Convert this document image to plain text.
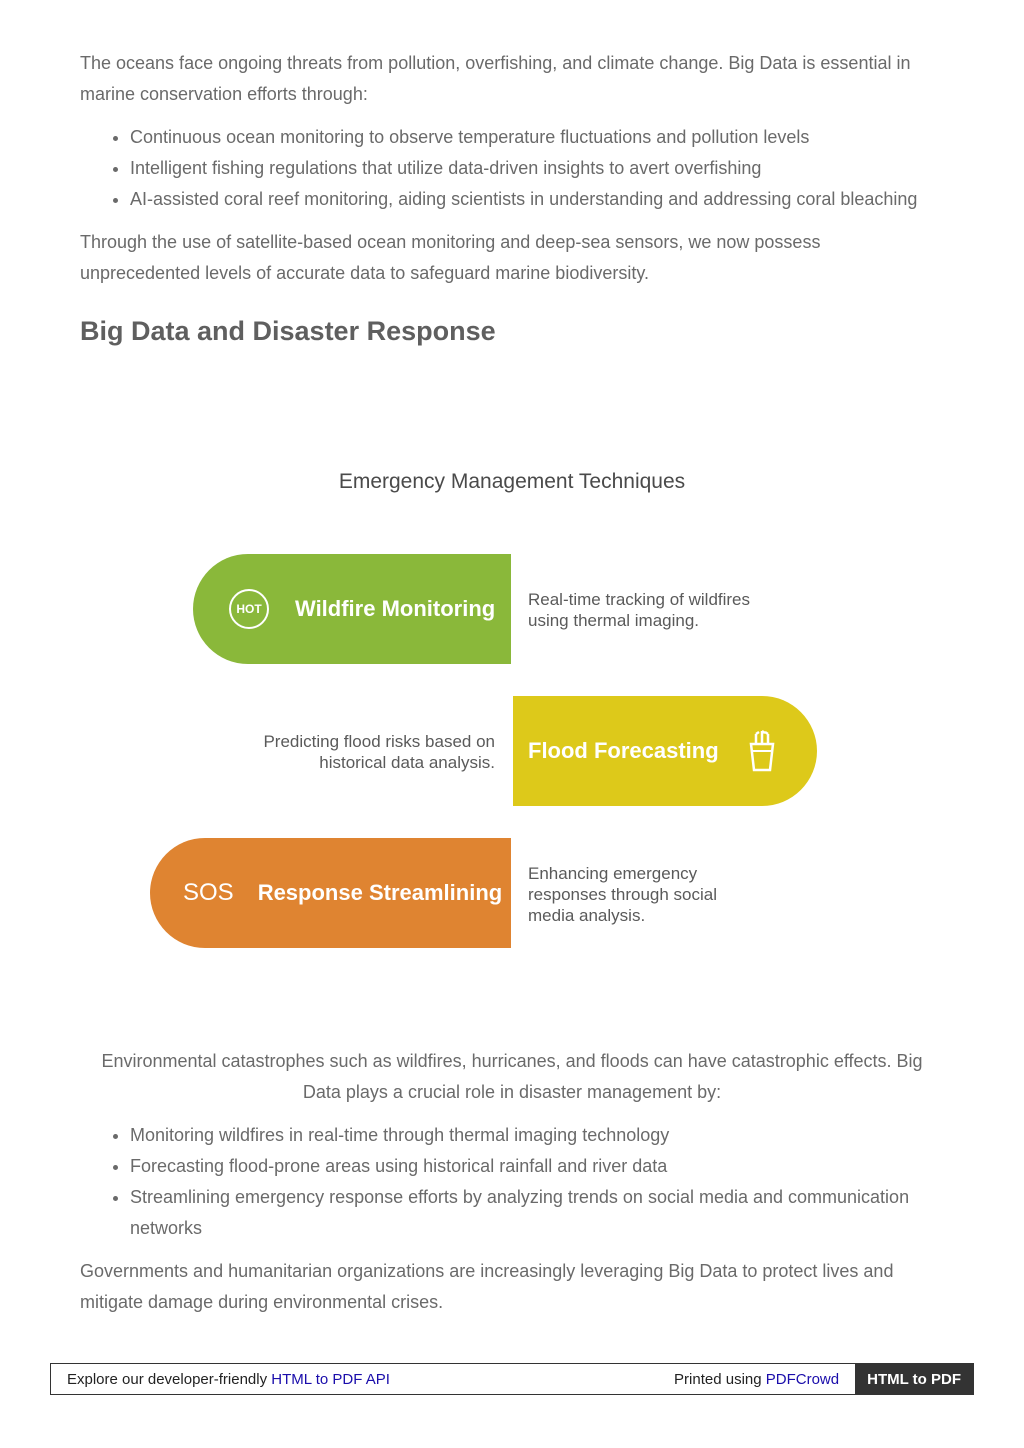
The oceans face ongoing threats from pollution, overfishing, and climate change. Big Data is essential in marine conservation efforts through:

• Continuous ocean monitoring to observe temperature fluctuations and pollution levels
• Intelligent fishing regulations that utilize data-driven insights to avert overfishing
• AI-assisted coral reef monitoring, aiding scientists in understanding and addressing coral bleaching

Through the use of satellite-based ocean monitoring and deep-sea sensors, we now possess unprecedented levels of accurate data to safeguard marine biodiversity.

Big Data and Disaster Response
Emergency Management Techniques
HOT	Wildfire Monitoring Real-time tracking of wildfires
using thermal imaging.
Predicting flood risks based on
historical data analysis. Flood Forecasting
SOS Response Streamlining
Enhancing emergency
responses through social
media analysis.

Environmental catastrophes such as wildfires, hurricanes, and floods can have catastrophic effects. Big Data plays a crucial role in disaster management by:

• Monitoring wildfires in real-time through thermal imaging technology
• Forecasting flood-prone areas using historical rainfall and river data
• Streamlining emergency response efforts by analyzing trends on social media and communication networks

Governments and humanitarian organizations are increasingly leveraging Big Data to protect lives and mitigate damage during environmental crises.

Explore our developer-friendly HTML to PDF API	Printed using PDFCrowd	HTML to PDF
